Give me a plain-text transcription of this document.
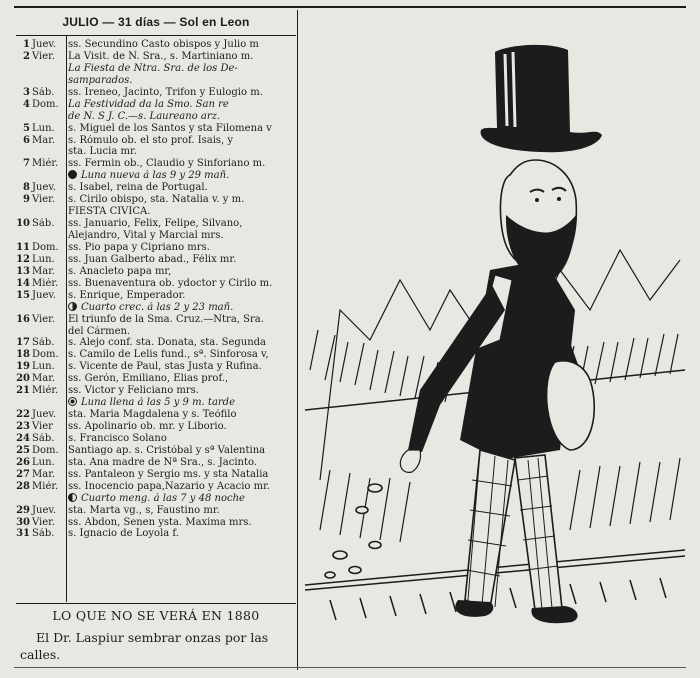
JULIO — 31 días — Sol en Leon
1 Juev.	ss. Secundino Casto obispos y Julio m
2 Vier.	La Visit. de N. Sra., s. Martiniano m.
La Fiesta de Ntra. Sra. de los De-
samparados.
3 Sáb.	ss. Ireneo, Jacinto, Trifon y Eulogio m.
4 Dom. La Festividad da la Smo. San re
de N. S J. C.—s. Laureano arz.
5 Lun.	s. Miguel de los Santos y sta Filomena v
6 Mar.	s. Rómulo ob. el sto prof. Isais, y
sta. Lucia mr.
7 Miér. ss. Fermin ob., Claudio y Sinforiano m.
Luna nueva á las 9 y 29 mañ.
8 Juev.	s. Isabel, reina de Portugal.
9 Vier.	s. Cirilo obispo, sta. Natalia v. y m.
FIESTA CIVICA.
10 Sáb.	ss. Januario, Felix, Felipe, Silvano,
Alejandro, Vital y Marcial mrs.
11 Dom. ss. Pio papa y Cipriano mrs.
12 Lun.	ss. Juan Galberto abad., Félix mr.
13 Mar.	s. Anacleto papa mr,
14 Miér. ss. Buenaventura ob. ydoctor y Cirilo m.
15 Juev.	s. Enrique, Emperador.
Cuarto crec. á las 2 y 23 mañ.
16 Vier.	El triunfo de la Sma. Cruz.—Ntra, Sra.
del Cármen.
17 Sáb.	s. Alejo conf. sta. Donata, sta. Segunda
18 Dom. s. Camilo de Lelis fund., sª. Sinforosa v,
19 Lun.	s. Vicente de Paul, stas Justa y Rufina.
20 Mar.	ss. Gerón, Emiliano, Elias prof.,
21 Miér. ss. Victor y Feliciano mrs.
Luna llena á las 5 y 9 m. tarde
22 Juev.	sta. Maria Magdalena y s. Teófilo
23 Vier	ss. Apolinario ob. mr. y Liborio.
24 Sáb.	s. Francisco Solano
25 Dom. Santiago ap. s. Cristóbal y sª Valentina
26 Lun.	sta. Ana madre de Nª Sra., s. Jacinto.
27 Mar.	ss. Pantaleon y Sergio ms. y sta Natalia
28 Miér. ss. Inocencio papa,Nazario y Acacio mr.
Cuarto meng. á las 7 y 48 noche
29 Juev.	sta. Marta vg., s, Faustino mr.
30 Vier.	ss. Abdon, Senen ysta. Maxima mrs.
31 Sáb.	s. Ignacio de Loyola f.
LO QUE NO SE VERÁ EN 1880
El Dr. Laspiur sembrar onzas por las calles.
